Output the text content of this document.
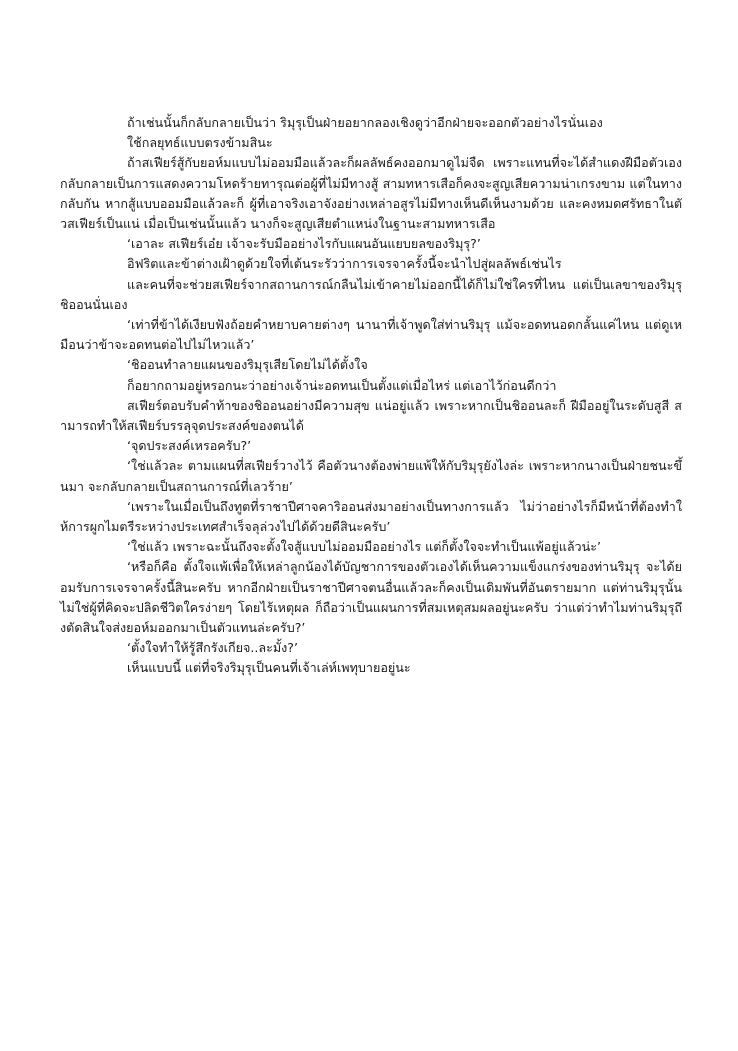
ถ้าเช่นนั้นก็กลับกลายเป็นว่า ริมุรุเป็นฝ่ายอยากลองเชิงดูว่าอีกฝ่ายจะออกตัวอย่างไรนั่นเอง

ใช้กลยุทธ์แบบตรงข้ามสินะ

ถ้าสเฟียร์สู้กับยอห์มแบบไม่ออมมือแล้วละก็ผลลัพธ์คงออกมาดูไม่จืด เพราะแทนที่จะได้สำแดงฝีมือตัวเอง กลับกลายเป็นการแสดงความโหดร้ายทารุณต่อผู้ที่ไม่มีทางสู้ สามทหารเสือก็คงจะสูญเสียความน่าเกรงขาม แต่ในทางกลับกัน หากสู้แบบออมมือแล้วละก็ ผู้ที่เอาจริงเอาจังอย่างเหล่าอสูรไม่มีทางเห็นดีเห็นงามด้วย และคงหมดศรัทธาในตัวสเฟียร์เป็นแน่ เมื่อเป็นเช่นนั้นแล้ว นางก็จะสูญเสียตำแหน่งในฐานะสามทหารเสือ

‘เอาละ สเฟียร์เอ๋ย เจ้าจะรับมืออย่างไรกับแผนอันแยบยลของริมุรุ?’

อิฟริตและข้าต่างเฝ้าดูด้วยใจที่เต้นระรัวว่าการเจรจาครั้งนี้จะนำไปสู่ผลลัพธ์เช่นไร

และคนที่จะช่วยสเฟียร์จากสถานการณ์กลืนไม่เข้าคายไม่ออกนี้ได้ก็ไม่ใช่ใครที่ไหน แต่เป็นเลขาของริมุรุ ชิออนนั่นเอง

‘เท่าที่ข้าได้เงียบฟังถ้อยคำหยาบคายต่างๆ นานาที่เจ้าพูดใส่ท่านริมุรุ แม้จะอดทนอดกลั้นแค่ไหน แต่ดูเหมือนว่าข้าจะอดทนต่อไปไม่ไหวแล้ว’

‘ชิออนทำลายแผนของริมุรุเสียโดยไม่ได้ตั้งใจ

ก็อยากถามอยู่หรอกนะว่าอย่างเจ้าน่ะอดทนเป็นตั้งแต่เมื่อไหร่ แต่เอาไว้ก่อนดีกว่า

สเฟียร์ตอบรับคำท้าของชิออนอย่างมีความสุข แน่อยู่แล้ว เพราะหากเป็นชิออนละก็ ฝีมืออยู่ในระดับสูสี สามารถทำให้สเฟียร์บรรลุจุดประสงค์ของตนได้

‘จุดประสงค์เหรอครับ?’

‘ใช่แล้วละ ตามแผนที่สเฟียร์วางไว้ คือตัวนางต้องพ่ายแพ้ให้กับริมุรุยังไงล่ะ เพราะหากนางเป็นฝ่ายชนะขึ้นมา จะกลับกลายเป็นสถานการณ์ที่เลวร้าย’

‘เพราะในเมื่อเป็นถึงทูตที่ราชาปีศาจคาริออนส่งมาอย่างเป็นทางการแล้ว ไม่ว่าอย่างไรก็มีหน้าที่ต้องทำให้การผูกไมตรีระหว่างประเทศสำเร็จลุล่วงไปได้ด้วยดีสินะครับ’

‘ใช่แล้ว เพราะฉะนั้นถึงจะตั้งใจสู้แบบไม่ออมมืออย่างไร แต่ก็ตั้งใจจะทำเป็นแพ้อยู่แล้วน่ะ’

‘หรือก็คือ ตั้งใจแพ้เพื่อให้เหล่าลูกน้องได้บัญชาการของตัวเองได้เห็นความแข็งแกร่งของท่านริมุรุ จะได้ยอมรับการเจรจาครั้งนี้สินะครับ หากอีกฝ่ายเป็นราชาปีศาจตนอื่นแล้วละก็คงเป็นเดิมพันที่อันตรายมาก แต่ท่านริมุรุนั้น ไม่ใช่ผู้ที่คิดจะปลิดชีวิตใครง่ายๆ โดยไร้เหตุผล ก็ถือว่าเป็นแผนการที่สมเหตุสมผลอยู่นะครับ ว่าแต่ว่าทำไมท่านริมุรุถึงตัดสินใจส่งยอห์มออกมาเป็นตัวแทนล่ะครับ?’

‘ตั้งใจทำให้รู้สึกรังเกียจ..ละมั้ง?’

เห็นแบบนี้ แต่ที่จริงริมุรุเป็นคนที่เจ้าเล่ห์เพทุบายอยู่นะ
